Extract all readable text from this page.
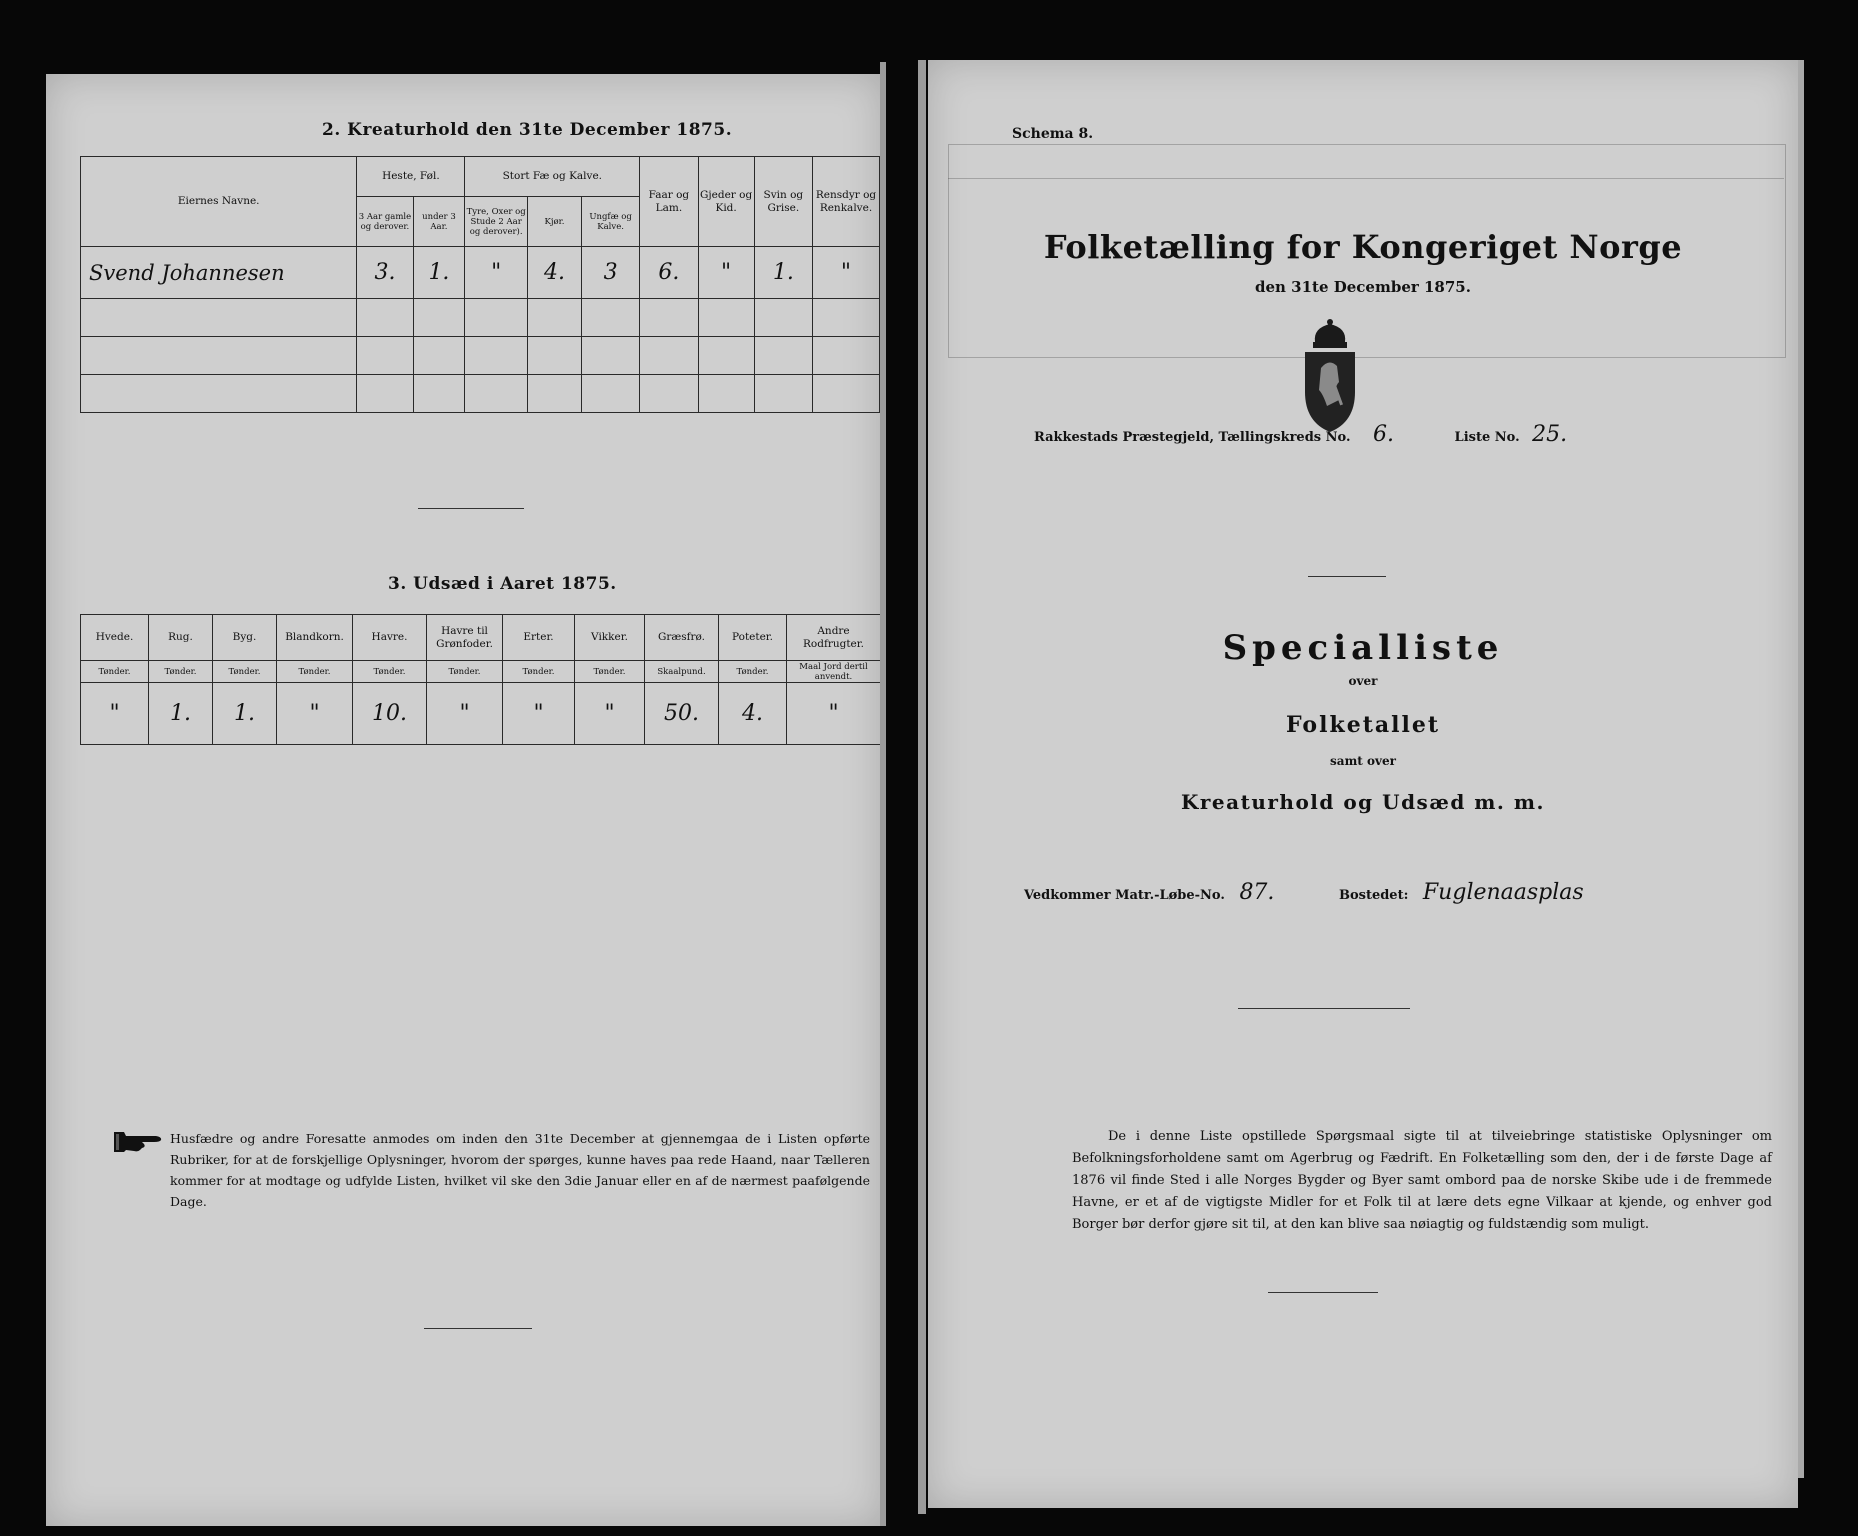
2. Kreaturhold den 31te December 1875.
Eiernes Navne.	Heste, Føl.		Stort Fæ og Kalve.			Faar og Lam.	Gjeder og Kid.	Svin og Grise.	Rensdyr og Renkalve.
	3 Aar gamle og derover.	under 3 Aar.	Tyre, Oxer og Stude 2 Aar og derover).	Kjør.	Ungfæ og Kalve.				
Svend Johannesen	3.	1.	"	4.	3	6.	"	1.	"

3. Udsæd i Aaret 1875.
Hvede.	Rug.	Byg.	Blandkorn.	Havre.	Havre til Grønfoder.	Erter.	Vikker.	Græsfrø.	Poteter.	Andre Rodfrugter.
Tønder.	Tønder.	Tønder.	Tønder.	Tønder.	Tønder.	Tønder.	Tønder.	Skaalpund.	Tønder.	Maal Jord dertil anvendt.
"	1.	1.	"	10.	"	"	"	50.	4.	"
Husfædre og andre Foresatte anmodes om inden den 31te December at gjennemgaa de i Listen opførte Rubriker, for at de forskjellige Oplysninger, hvorom der spørges, kunne haves paa rede Haand, naar Tælleren kommer for at modtage og udfylde Listen, hvilket vil ske den 3die Januar eller en af de nærmest paafølgende Dage.
Schema 8.
Folketælling for Kongeriget Norge
den 31te December 1875.
Rakkestads Præstegjeld, Tællingskreds No. 6.	Liste No. 25.
Specialliste
over
Folketallet
samt over
Kreaturhold og Udsæd m. m.
Vedkommer Matr.-Løbe-No. 87.	Bostedet: Fuglenaasplas
De i denne Liste opstillede Spørgsmaal sigte til at tilveiebringe statistiske Oplysninger om Befolkningsforholdene samt om Agerbrug og Fædrift. En Folketælling som den, der i de første Dage af 1876 vil finde Sted i alle Norges Bygder og Byer samt ombord paa de norske Skibe ude i de fremmede Havne, er et af de vigtigste Midler for et Folk til at lære dets egne Vilkaar at kjende, og enhver god Borger bør derfor gjøre sit til, at den kan blive saa nøiagtig og fuldstændig som muligt.
